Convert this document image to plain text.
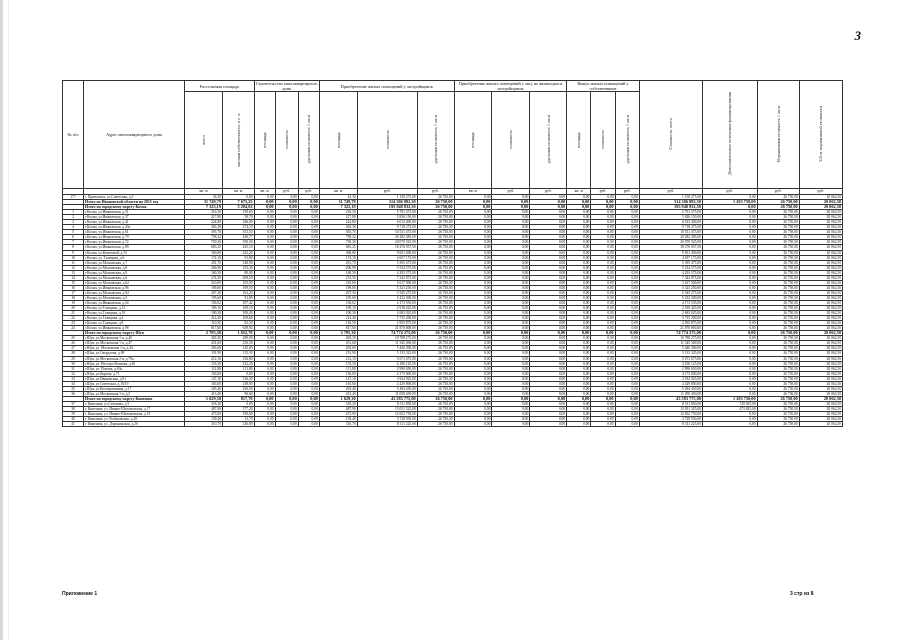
3
№ п/п	Адрес многоквартирного дома	Расселяемая площадь		Строительство многоквартирного дома			Приобретение жилых помещений у застройщиков			Приобретение жилых помещений у лиц, не являющихся застройщиком			Выкуп жилых помещений у собственников			Стоимость, всего	Дополнительные источники финансирования	Нормативная стоимость 1 кв.м	3/4 от нормативной стоимости
		всего	частная собственность, в т. ч.	площадь	стоимость	удельная стоимость 1 кв.м	площадь	стоимость	удельная стоимость 1 кв.м	площадь	стоимость	удельная стоимость 1 кв.м	площадь	стоимость	удельная стоимость 1 кв.м				
		кв. м	кв. м	кв. м	руб.	руб.	кв. м	руб.	руб.	кв. м	руб.	руб.	кв. м	руб.	руб.	руб.	руб.	руб.	руб.
177	г. Приволжск, ул.Советская, д.5	43,30	0,00	0,00	0,00	0,00	43,30	1 158 275,00	26 750,00	0,00	0,00	0,00	0,00	0,00	0,00	1 158 275,00	0,00	26 750,00	20 062,50
	Итого по Ивановской области на 2015 год	11 749,79	7 675,25	0,00	0,00	0,00	11 749,79	314 306 882,50	26 750,00	0,00	0,00	0,00	0,00	0,00	0,00	314 306 882,50	1 203 750,00	26 750,00	20 062,50
	Итого по городскому округу Кохма	7 325,19	5 204,63	0,00	0,00	0,00	7 325,19	195 948 832,50	26 750,00	0,00	0,00	0,00	0,00	0,00	0,00	195 948 832,50	0,00	26 750,00	20 062,50
1	г.Кохма, ул.Ивановская, д.31	216,50	159,60	0,00	0,00	0,00	216,50	5 791 375,00	26 750,00	0,00	0,00	0,00	0,00	0,00	0,00	5 791 375,00	0,00	26 750,00	20 062,50
2	г.Кохма, ул.Ивановская, д.37	217,80	58,70	0,00	0,00	0,00	217,80	5 826 150,00	26 750,00	0,00	0,00	0,00	0,00	0,00	0,00	5 826 150,00	0,00	26 750,00	20 062,50
3	г.Кохма, ул.Ивановская, д.41	224,80	166,00	0,00	0,00	0,00	224,80	6 013 400,00	26 750,00	0,00	0,00	0,00	0,00	0,00	0,00	6 013 400,00	0,00	26 750,00	20 062,50
4	г.Кохма, ул.Ивановская, д.43а	363,30	274,10	0,00	0,00	0,00	363,30	9 718 275,00	26 750,00	0,00	0,00	0,00	0,00	0,00	0,00	9 718 275,00	0,00	26 750,00	20 062,50
5	г.Кохма, ул.Ивановская, д.61	393,70	351,50	0,00	0,00	0,00	393,70	10 531 475,00	26 750,00	0,00	0,00	0,00	0,00	0,00	0,00	10 531 475,00	0,00	26 750,00	20 062,50
6	г.Кохма, ул.Ивановская, д.70	758,22	438,77	0,00	0,00	0,00	758,22	20 282 385,00	26 750,00	0,00	0,00	0,00	0,00	0,00	0,00	20 282 385,00	0,00	26 750,00	20 062,50
7	г.Кохма, ул.Ивановская, д.72	750,30	550,30	0,00	0,00	0,00	750,30	20 070 525,00	26 750,00	0,00	0,00	0,00	0,00	0,00	0,00	20 070 525,00	0,00	26 750,00	20 062,50
8	г.Кохма, ул.Ивановская, д.89	683,25	425,10	0,00	0,00	0,00	683,25	18 276 937,50	26 750,00	0,00	0,00	0,00	0,00	0,00	0,00	18 276 937,50	0,00	26 750,00	20 062,50
9	г.Кохма, ул.Кочетовой, д.33	360,80	242,20	0,00	0,00	0,00	360,80	9 651 400,00	26 750,00	0,00	0,00	0,00	0,00	0,00	0,00	9 651 400,00	0,00	26 750,00	20 062,50
10	г.Кохма, ул. Талицкая, д.6	174,10	91,80	0,00	0,00	0,00	174,10	4 657 175,00	26 750,00	0,00	0,00	0,00	0,00	0,00	0,00	4 657 175,00	0,00	26 750,00	20 062,50
11	г.Кохма, ул.Московская, д.7	201,70	148,90	0,00	0,00	0,00	201,70	5 395 475,00	26 750,00	0,00	0,00	0,00	0,00	0,00	0,00	5 395 475,00	0,00	26 750,00	20 062,50
12	г.Кохма, ул.Московская, д.8	206,90	155,30	0,00	0,00	0,00	206,90	5 534 575,00	26 750,00	0,00	0,00	0,00	0,00	0,00	0,00	5 534 575,00	0,00	26 750,00	20 062,50
13	г.Кохма, ул.Московская, д.9	160,50	80,00	0,00	0,00	0,00	160,50	4 293 375,00	26 750,00	0,00	0,00	0,00	0,00	0,00	0,00	4 293 375,00	0,00	26 750,00	20 062,50
14	г.Кохма, ул.Московская, д.6	274,50	208,50	0,00	0,00	0,00	274,50	7 342 875,00	26 750,00	0,00	0,00	0,00	0,00	0,00	0,00	7 342 875,00	0,00	26 750,00	20 062,50
15	г.Кохма, ул.Московская, д.62	210,00	105,00	0,00	0,00	0,00	210,00	5 617 500,00	26 750,00	0,00	0,00	0,00	0,00	0,00	0,00	5 617 500,00	0,00	26 750,00	20 062,50
16	г.Кохма, ул.Ивановская, д.96	199,00	199,50	0,00	0,00	0,00	199,00	5 323 250,00	26 750,00	0,00	0,00	0,00	0,00	0,00	0,00	5 323 250,00	0,00	26 750,00	20 062,50
17	г.Кохма, ул.Московская, д.92	207,30	162,20	0,00	0,00	0,00	207,30	5 545 275,00	26 750,00	0,00	0,00	0,00	0,00	0,00	0,00	5 545 275,00	0,00	26 750,00	20 062,50
18	г.Кохма, ул.Московская, д.3	195,60	91,80	0,00	0,00	0,00	195,60	5 232 300,00	26 750,00	0,00	0,00	0,00	0,00	0,00	0,00	5 232 300,00	0,00	26 750,00	20 062,50
19	г.Кохма, ул.Ивановская, д.54	156,02	107,42	0,00	0,00	0,00	156,02	4 173 535,00	26 750,00	0,00	0,00	0,00	0,00	0,00	0,00	4 173 535,00	0,00	26 750,00	20 062,50
20	г.Кохма, ул.Талицкая, д.12	109,10	109,10	0,00	0,00	0,00	109,10	2 918 425,00	26 750,00	0,00	0,00	0,00	0,00	0,00	0,00	2 918 425,00	0,00	26 750,00	20 062,50
21	г.Кохма, ул.Талицкая, д.10	100,30	100,30	0,00	0,00	0,00	100,30	2 683 025,00	26 750,00	0,00	0,00	0,00	0,00	0,00	0,00	2 683 025,00	0,00	26 750,00	20 062,50
22	г.Кохма, ул.Талицкая, д.4	214,40	109,60	0,00	0,00	0,00	214,40	5 735 200,00	26 750,00	0,00	0,00	0,00	0,00	0,00	0,00	5 735 200,00	0,00	26 750,00	20 062,50
23	г.Кохма, ул.Талицкая, д.8	110,50	82,50	0,00	0,00	0,00	110,50	2 955 875,00	26 750,00	0,00	0,00	0,00	0,00	0,00	0,00	2 955 875,00	0,00	26 750,00	20 062,50
24	г.Кохма, ул.Ивановская, д.98	817,60	639,94	0,00	0,00	0,00	817,60	21 870 800,00	26 750,00	0,00	0,00	0,00	0,00	0,00	0,00	21 870 800,00	0,00	26 750,00	20 062,50
	Итого по городскому округу Шуя	2 795,30	1 652,70	0,00	0,00	0,00	2 795,30	74 774 275,00	26 750,00	0,00	0,00	0,00	0,00	0,00	0,00	74 774 275,00	0,00	26 750,00	20 062,50
25	г.Шуя, ул.Московская 1-я, д.40	403,30	289,00	0,00	0,00	0,00	403,30	10 788 275,00	26 750,00	0,00	0,00	0,00	0,00	0,00	0,00	10 788 275,00	0,00	26 750,00	20 062,50
26	г.Шуя, ул.Московская 1-я, д.47	431,60	230,50	0,00	0,00	0,00	431,60	11 545 300,00	26 750,00	0,00	0,00	0,00	0,00	0,00	0,00	11 545 300,00	0,00	26 750,00	20 062,50
27	г.Шуя, ул. Московская 1-я, д.44	203,60	145,00	0,00	0,00	0,00	203,60	5 446 300,00	26 750,00	0,00	0,00	0,00	0,00	0,00	0,00	5 446 300,00	0,00	26 750,00	20 062,50
28	г.Шуя, ул.Свердлова, д.90	191,90	115,30	0,00	0,00	0,00	191,90	5 133 325,00	26 750,00	0,00	0,00	0,00	0,00	0,00	0,00	5 133 325,00	0,00	26 750,00	20 062,50
29	г.Шуя, ул.Московская 2-я, д.79а	212,10	156,80	0,00	0,00	0,00	212,10	5 673 675,00	26 750,00	0,00	0,00	0,00	0,00	0,00	0,00	5 673 675,00	0,00	26 750,00	20 062,50
30	г.Шуя, ул. Нестора Волкова, д.26	153,50	122,20	0,00	0,00	0,00	153,50	4 106 125,00	26 750,00	0,00	0,00	0,00	0,00	0,00	0,00	4 106 125,00	0,00	26 750,00	20 062,50
31	г.Шуя, ул. Попова, д.63а	111,80	111,80	0,00	0,00	0,00	111,80	2 990 650,00	26 750,00	0,00	0,00	0,00	0,00	0,00	0,00	2 990 650,00	0,00	26 750,00	20 062,50
32	г.Шуя, ул.Кирова, д.71	156,00	0,00	0,00	0,00	0,00	156,00	4 173 000,00	26 750,00	0,00	0,00	0,00	0,00	0,00	0,00	4 173 000,00	0,00	26 750,00	20 062,50
33	г.Шуя, ул.Ивановская, д.91	147,10	136,00	0,00	0,00	0,00	147,10	3 934 925,00	26 750,00	0,00	0,00	0,00	0,00	0,00	0,00	3 934 925,00	0,00	26 750,00	20 062,50
34	г.Шуя, ул.Советская, д.16/19	165,60	149,00	0,00	0,00	0,00	165,60	4 429 800,00	26 750,00	0,00	0,00	0,00	0,00	0,00	0,00	4 429 800,00	0,00	26 750,00	20 062,50
35	г.Шуя, ул.Кооперативная, д.17	205,40	100,50	0,00	0,00	0,00	205,40	5 494 450,00	26 750,00	0,00	0,00	0,00	0,00	0,00	0,00	5 494 450,00	0,00	26 750,00	20 062,50
36	г.Шуя, ул.Московская 1-я, д.5	413,40	96,60	0,00	0,00	0,00	413,40	11 058 450,00	26 750,00	0,00	0,00	0,00	0,00	0,00	0,00	11 058 450,00	0,00	26 750,00	20 062,50
	Итого по городскому округу Кинешма	1 629,30	817,70	0,00	0,00	0,00	1 629,30	43 583 775,00	26 750,00	0,00	0,00	0,00	0,00	0,00	0,00	43 583 775,00	1 203 750,00	26 750,00	20 062,50
37	г. Кинешма, ул.Сеченова, д.5	318,20	0,00	0,00	0,00	0,00	318,20	8 511 850,00	26 750,00	0,00	0,00	0,00	0,00	0,00	0,00	8 511 850,00	729 925,00	26 750,00	20 062,50
38	г. Кинешма, ул. Нижне-Шеломовская, д.17	487,90	377,20	0,00	0,00	0,00	487,90	13 051 325,00	26 750,00	0,00	0,00	0,00	0,00	0,00	0,00	13 051 325,00	473 825,00	26 750,00	20 062,50
39	г. Кинешма, ул. Нижне-Шеломовская, д.19	473,00	190,00	0,00	0,00	0,00	473,00	12 652 750,00	26 750,00	0,00	0,00	0,00	0,00	0,00	0,00	12 652 750,00	0,00	26 750,00	20 062,50
40	г. Кинешма, ул. Рыбаковская, д.20	139,40	13,70	0,00	0,00	0,00	139,40	3 728 950,00	26 750,00	0,00	0,00	0,00	0,00	0,00	0,00	3 728 950,00	0,00	26 750,00	20 062,50
41	г. Кинешма, ул. Доронинская, д.20	310,70	236,80	0,00	0,00	0,00	310,70	8 311 225,00	26 750,00	0,00	0,00	0,00	0,00	0,00	0,00	8 311 225,00	0,00	26 750,00	20 062,50
Приложение 1	3 стр из 8
